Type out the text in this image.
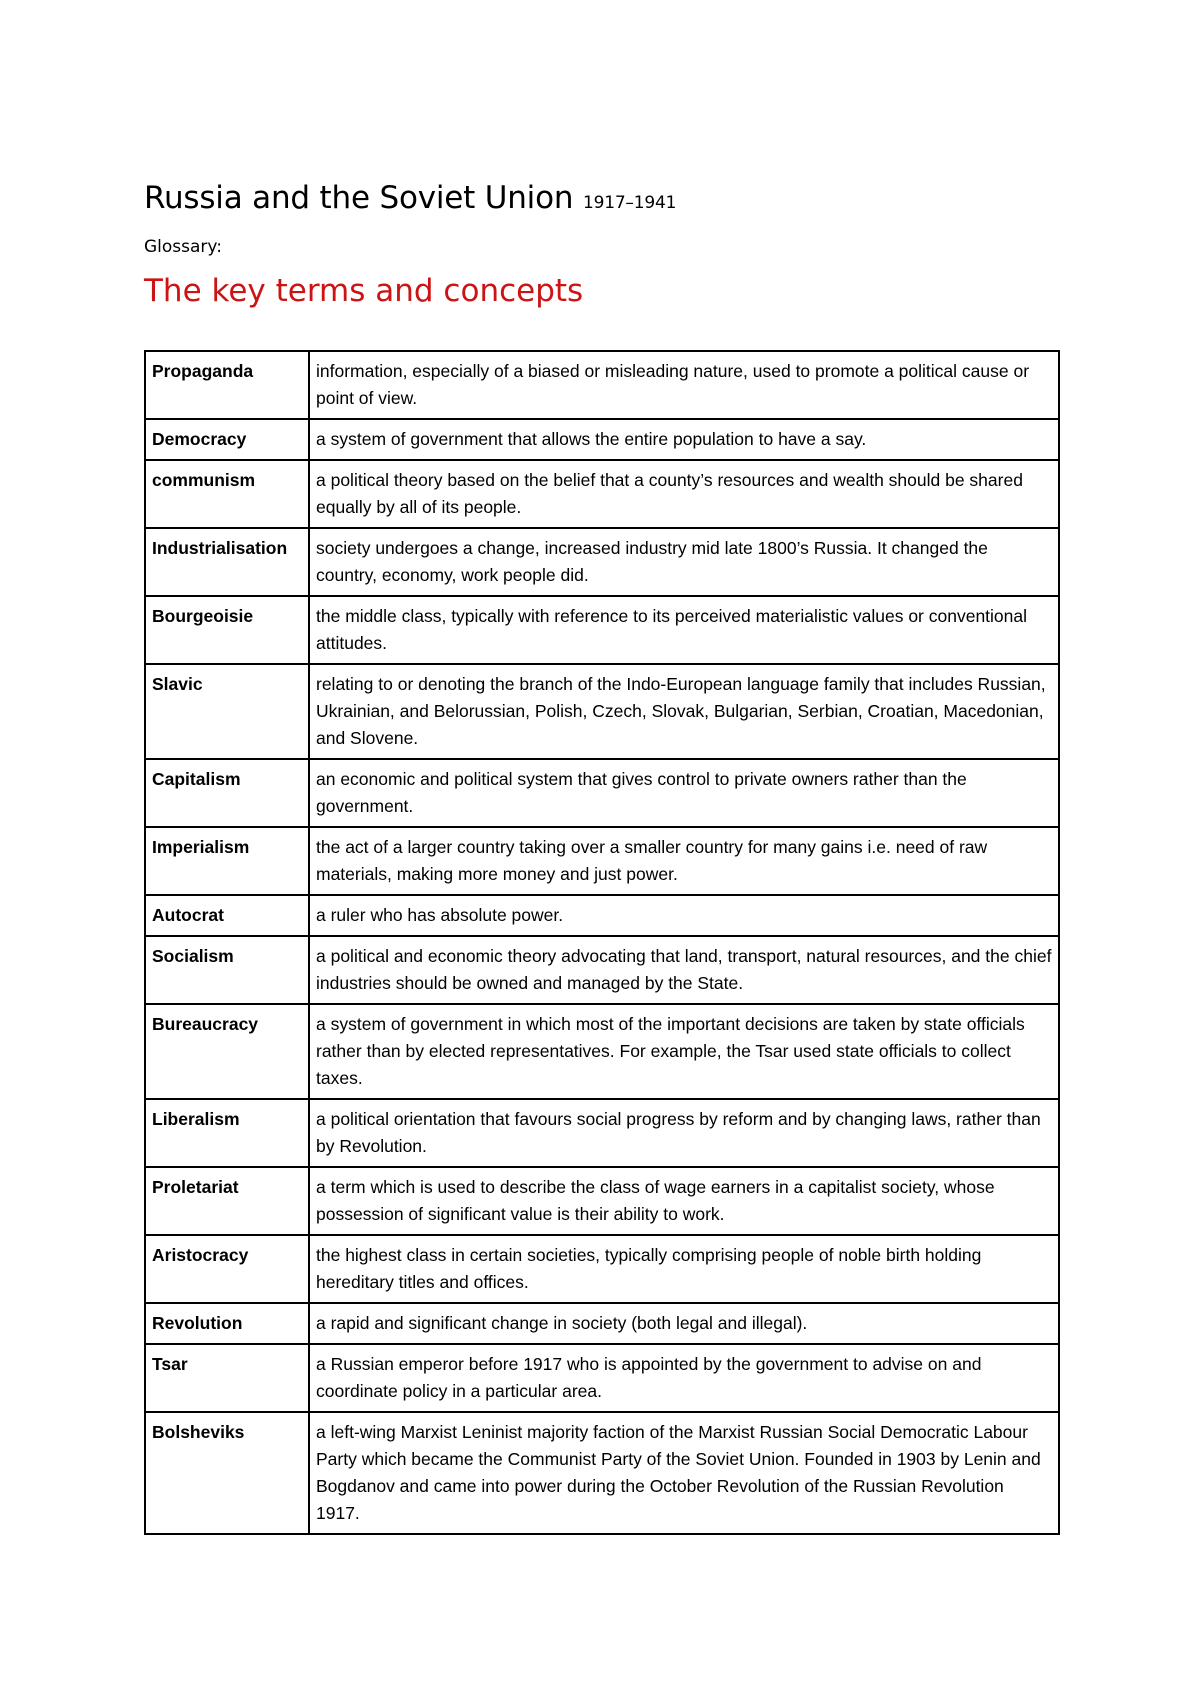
Russia and the Soviet Union 1917–1941
Glossary:
The key terms and concepts
Propaganda	information, especially of a biased or misleading nature, used to promote a political cause or point of view.
Democracy	a system of government that allows the entire population to have a say.
communism	a political theory based on the belief that a county’s resources and wealth should be shared equally by all of its people.
Industrialisation	society undergoes a change, increased industry mid late 1800’s Russia. It changed the country, economy, work people did.
Bourgeoisie	the middle class, typically with reference to its perceived materialistic values or conventional attitudes.
Slavic	relating to or denoting the branch of the Indo-European language family that includes Russian, Ukrainian, and Belorussian, Polish, Czech, Slovak, Bulgarian, Serbian, Croatian, Macedonian, and Slovene.
Capitalism	an economic and political system that gives control to private owners rather than the government.
Imperialism	the act of a larger country taking over a smaller country for many gains i.e. need of raw materials, making more money and just power.
Autocrat	a ruler who has absolute power.
Socialism	a political and economic theory advocating that land, transport, natural resources, and the chief industries should be owned and managed by the State.
Bureaucracy	a system of government in which most of the important decisions are taken by state officials rather than by elected representatives. For example, the Tsar used state officials to collect taxes.
Liberalism	a political orientation that favours social progress by reform and by changing laws, rather than by Revolution.
Proletariat	a term which is used to describe the class of wage earners in a capitalist society, whose possession of significant value is their ability to work.
Aristocracy	the highest class in certain societies, typically comprising people of noble birth holding hereditary titles and offices.
Revolution	a rapid and significant change in society (both legal and illegal).
Tsar	a Russian emperor before 1917 who is appointed by the government to advise on and coordinate policy in a particular area.
Bolsheviks	a left-wing Marxist Leninist majority faction of the Marxist Russian Social Democratic Labour Party which became the Communist Party of the Soviet Union. Founded in 1903 by Lenin and Bogdanov and came into power during the October Revolution of the Russian Revolution 1917.
